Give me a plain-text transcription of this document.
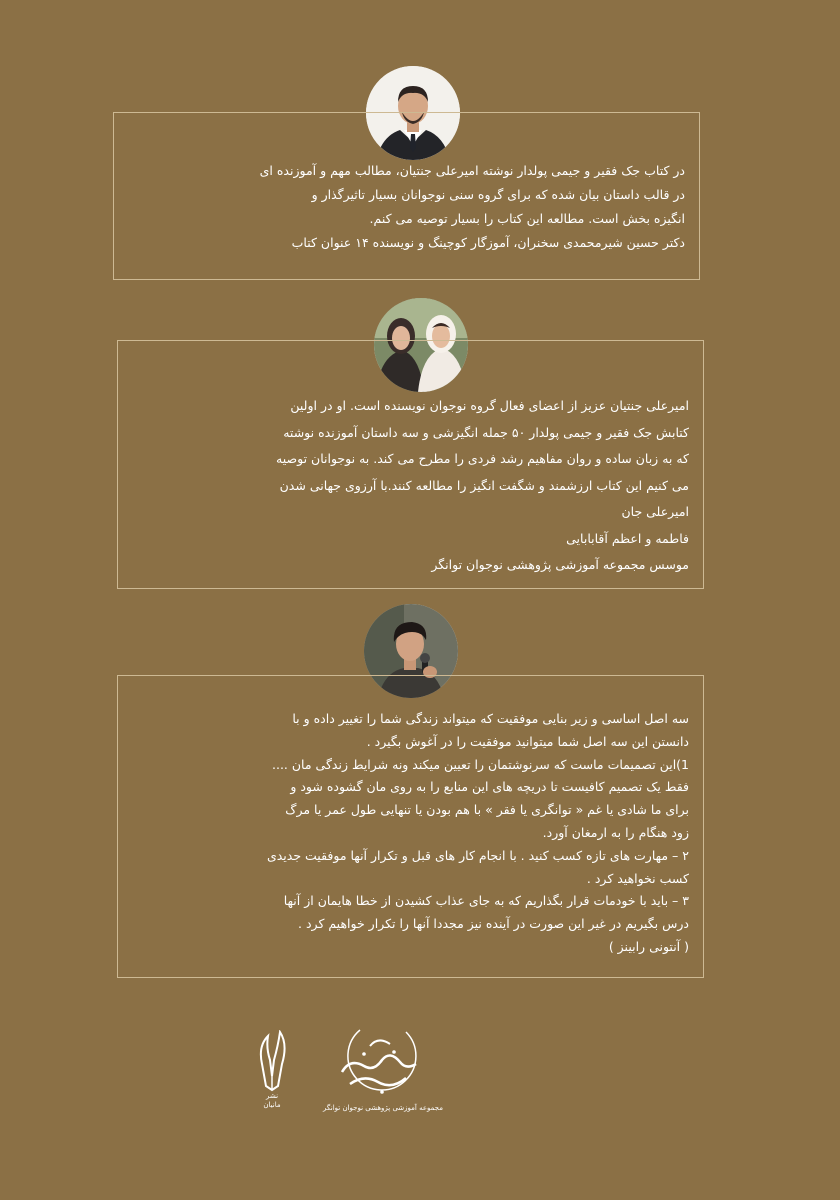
در کتاب جک فقیر و جیمی پولدار نوشته امیرعلی جنتیان، مطالب مهم و آموزنده ای

در قالب داستان بیان شده که برای گروه سنی نوجوانان بسیار تاثیرگذار و

انگیزه بخش است. مطالعه این کتاب را بسیار توصیه می کنم.

دکتر حسین شیرمحمدی سخنران، آموزگار کوچینگ و نویسنده ۱۴ عنوان کتاب

امیرعلی جنتیان عزیز از اعضای فعال گروه نوجوان نویسنده است. او در اولین

کتابش جک فقیر و جیمی پولدار ۵۰ جمله انگیزشی و سه داستان آموزنده نوشته

که به زبان ساده و روان مفاهیم رشد فردی را مطرح می کند. به نوجوانان توصیه

می کنیم این کتاب ارزشمند و شگفت انگیز را مطالعه کنند.با آرزوی جهانی شدن

امیرعلی جان

فاطمه و اعظم آقابابایی

موسس مجموعه آموزشی پژوهشی نوجوان توانگر

سه اصل اساسی و زیر بنایی موفقیت که میتواند زندگی شما را تغییر داده و با

دانستن این سه اصل شما میتوانید موفقیت را در آغوش بگیرد .

1)این تصمیمات ماست که سرنوشتمان را تعیین میکند ونه شرایط زندگی مان ....

فقط یک تصمیم کافیست تا دریچه های این منابع را به روی مان گشوده شود و

برای ما شادی یا غم « توانگری یا فقر » با هم بودن یا تنهایی طول عمر یا مرگ

زود هنگام را به ارمغان آورد.

۲ – مهارت های تازه کسب کنید . با انجام کار های قبل و تکرار آنها موفقیت جدیدی

کسب نخواهید کرد .

۳ – باید با خودمات قرار بگذاریم که به جای عذاب کشیدن از خطا هایمان از آنها

درس بگیریم در غیر این صورت در آینده نیز مجددا آنها را تکرار خواهیم کرد .

( آنتونی رابینز )

نشر
مانیان	مجموعه آموزشی پژوهشی نوجوان توانگر
